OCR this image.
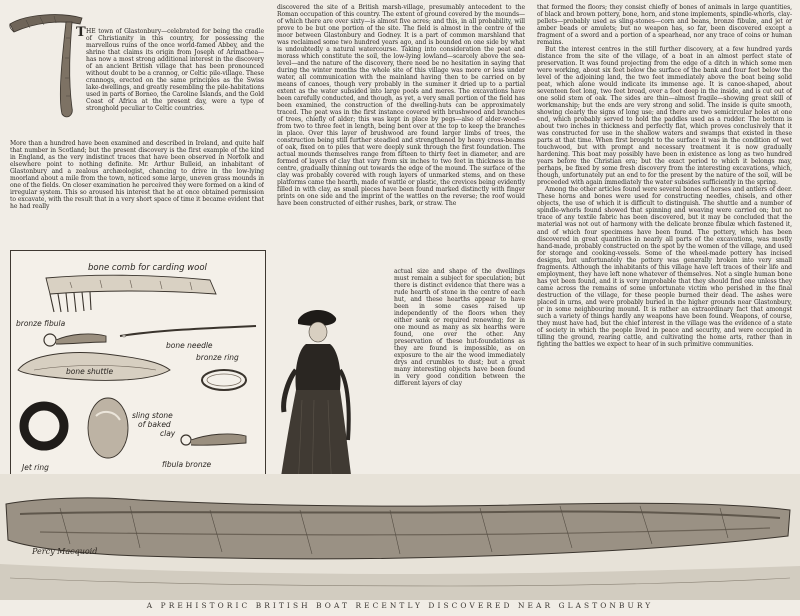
T HE town of Glastonbury—celebrated for being the cradle of Christianity in this country, for possessing the marvellous ruins of the once world-famed Abbey, and the shrine that claims its origin from Joseph of Arimathea—has now a most strong additional interest in the discovery of an ancient British village that has been pronounced without doubt to be a crannog, or Celtic pile-village. These crannogs, erected on the same principles as the Swiss lake-dwellings, and greatly resembling the pile-habitations used in parts of Borneo, the Caroline Islands, and the Gold Coast of Africa at the present day, were a type of stronghold peculiar to Celtic countries.

More than a hundred have been examined and described in Ireland, and quite half that number in Scotland; but the present discovery is the first example of the kind in England, as the very indistinct traces that have been observed in Norfolk and elsewhere point to nothing definite. Mr. Arthur Bulleid, an inhabitant of Glastonbury and a zealous archæologist, chancing to drive in the low-lying moorland about a mile from the town, noticed some large, uneven grass mounds in one of the fields. On closer examination he perceived they were formed on a kind of irregular system. This so aroused his interest that he at once obtained permission to excavate, with the result that in a very short space of time it became evident that he had really

discovered the site of a British marsh-village, presumably antecedent to the Roman occupation of this country. The extent of ground covered by the mounds—of which there are over sixty—is almost five acres; and this, in all probability, will prove to be but one portion of the site. The field is almost in the centre of the moor between Glastonbury and Godney. It is a part of common marshland that was reclaimed some two hundred years ago, and is bounded on one side by what is undoubtedly a natural watercourse. Taking into consideration the peat and morass which constitute the soil, the low-lying lowland—scarcely above the sea-level—and the nature of the discovery, there need be no hesitation in saying that during the winter months the whole site of this village was more or less under water, all communication with the mainland having then to be carried on by means of canoes, though very probably in the summer it dried up to a partial extent as the water subsided into large pools and meres. The excavations have been carefully conducted, and though, as yet, a very small portion of the field has been examined, the construction of the dwelling-huts can be approximately traced. The peat was in the first instance covered with brushwood and branches of trees, chiefly of alder; this was kept in place by pegs—also of alder-wood—from two to three feet in length, being bent over at the top to keep the branches in place. Over this layer of brushwood are found larger limbs of trees, the construction being still further steadied and strengthened by heavy cross-beams of oak, fixed on to piles that were deeply sunk through the first foundation. The actual mounds themselves range from fifteen to thirty feet in diameter, and are formed of layers of clay that vary from six inches to two feet in thickness in the centre, gradually thinning out towards the edge of the mound. The surface of the clay was probably covered with rough layers of unmarked stems, and on these platforms came the hearth, made of wattle or plastic, the crevices being evidently filled in with clay, as small pieces have been found marked distinctly with finger prints on one side and the imprint of the wattles on the reverse; the roof would have been constructed of either rushes, bark, or straw. The

actual size and shape of the dwellings must remain a subject for speculation; but there is distinct evidence that there was a rude hearth of stone in the centre of each hut, and these hearths appear to have been in some cases raised up independently of the floors when they either sank or required renewing; for in one mound as many as six hearths were found, one over the other. Any preservation of these hut-foundations as they are found is impossible, as on exposure to the air the wood immediately drys and crumbles to dust; but a great many interesting objects have been found in very good condition between the different layers of clay

that formed the floors; they consist chiefly of bones of animals in large quantities, of black and brown pottery, bone, horn, and stone implements, spindle-whorls, clay-pellets—probably used as sling-stones—corn and beans, bronze fibulæ, and jet or amber beads or amulets; but no weapon has, so far, been discovered except a fragment of a sword and a portion of a spearhead, nor any trace of coins or human remains.

But the interest centres in the still further discovery, at a few hundred yards distance from the site of the village, of a boat in an almost perfect state of preservation. It was found projecting from the edge of a ditch in which some men were working, about six feet below the surface of the bank and four feet below the level of the adjoining land, the two feet immediately above the boat being solid peat, which alone would indicate its immense age. It is canoe-shaped, about seventeen feet long, two feet broad, over a foot deep in the inside, and is cut out of one solid stem of oak. The sides are thin—almost fragile—showing great skill of workmanship; but the ends are very strong and solid. The inside is quite smooth, showing clearly the signs of long use; and there are two semicircular holes at one end, which probably served to hold the paddles used as a rudder. The bottom is about two inches in thickness and perfectly flat, which proves conclusively that it was constructed for use in the shallow waters and swamps that existed in these parts at that time. When first brought to the surface it was in the condition of wet touchwood, but with prompt and necessary treatment it is now gradually hardening. This boat may possibly have been in existence as long as two hundred years before the Christian era; but the exact period to which it belongs may, perhaps, be fixed by some fresh discovery from the interesting excavations, which, though, unfortunately put an end to for the present by the nature of the soil, will be proceeded with again immediately the water subsides sufficiently in the spring.

Among the other articles found were several bones of horses and antlers of deer. These horns and bones were used for constructing needles, chisels, and other objects, the use of which it is difficult to distinguish. The shuttle and a number of spindle-whorls found showed that spinning and weaving were carried on; but no trace of any textile fabric has been discovered, but it may be concluded that the material was not out of harmony with the delicate bronze fibulæ which fastened it, and of which four specimens have been found. The pottery, which has been discovered in great quantities in nearly all parts of the excavations, was mostly hand-made, probably constructed on the spot by the women of the village, and used for storage and cooking-vessels. Some of the wheel-made pottery has incised designs, but unfortunately the pottery was generally broken into very small fragments. Although the inhabitants of this village have left traces of their life and employment, they have left none whatever of themselves. Not a single human bone has yet been found, and it is very improbable that they should find one unless they came across the remains of some unfortunate victim who perished in the final destruction of the village, for these people burned their dead. The ashes were placed in urns, and were probably buried in the higher grounds near Glastonbury, or in some neighbouring mound. It is rather an extraordinary fact that amongst such a variety of things hardly any weapons have been found. Weapons, of course, they must have had, but the chief interest in the village was the evidence of a state of society in which the people lived in peace and security, and were occupied in tilling the ground, rearing cattle, and cultivating the home arts, rather than in fighting the battles we expect to hear of in such primitive communities.

bone comb for carding wool
bronze fibula
bone needle
bone shuttle
bronze ring
sling stone
of baked
clay
Jet ring	fibula bronze
Percy Macquoid
A PREHISTORIC BRITISH BOAT RECENTLY DISCOVERED NEAR GLASTONBURY
